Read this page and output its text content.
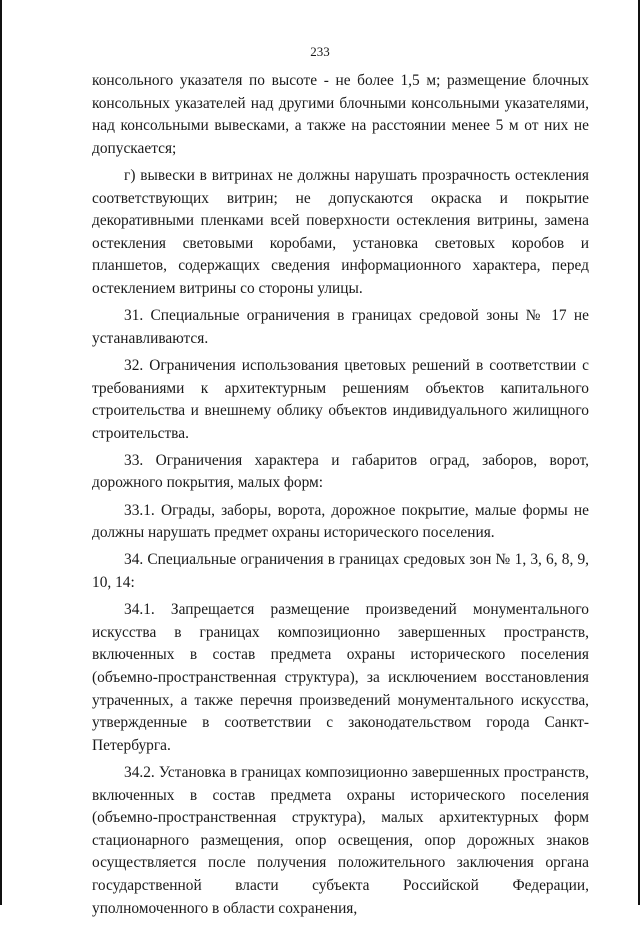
233

консольного указателя по высоте - не более 1,5 м; размещение блочных консольных указателей над другими блочными консольными указателями, над консольными вывесками, а также на расстоянии менее 5 м от них не допускается;

г) вывески в витринах не должны нарушать прозрачность остекления соответствующих витрин; не допускаются окраска и покрытие декоративными пленками всей поверхности остекления витрины, замена остекления световыми коробами, установка световых коробов и планшетов, содержащих сведения информационного характера, перед остеклением витрины со стороны улицы.

31. Специальные ограничения в границах средовой зоны № 17 не устанавливаются.

32. Ограничения использования цветовых решений в соответствии с требованиями к архитектурным решениям объектов капитального строительства и внешнему облику объектов индивидуального жилищного строительства.

33. Ограничения характера и габаритов оград, заборов, ворот, дорожного покрытия, малых форм:

33.1. Ограды, заборы, ворота, дорожное покрытие, малые формы не должны нарушать предмет охраны исторического поселения.

34. Специальные ограничения в границах средовых зон № 1, 3, 6, 8, 9, 10, 14:

34.1. Запрещается размещение произведений монументального искусства в границах композиционно завершенных пространств, включенных в состав предмета охраны исторического поселения (объемно-пространственная структура), за исключением восстановления утраченных, а также перечня произведений монументального искусства, утвержденные в соответствии с законодательством города Санкт-Петербурга.

34.2. Установка в границах композиционно завершенных пространств, включенных в состав предмета охраны исторического поселения (объемно-пространственная структура), малых архитектурных форм стационарного размещения, опор освещения, опор дорожных знаков осуществляется после получения положительного заключения органа государственной власти субъекта Российской Федерации, уполномоченного в области сохранения,
